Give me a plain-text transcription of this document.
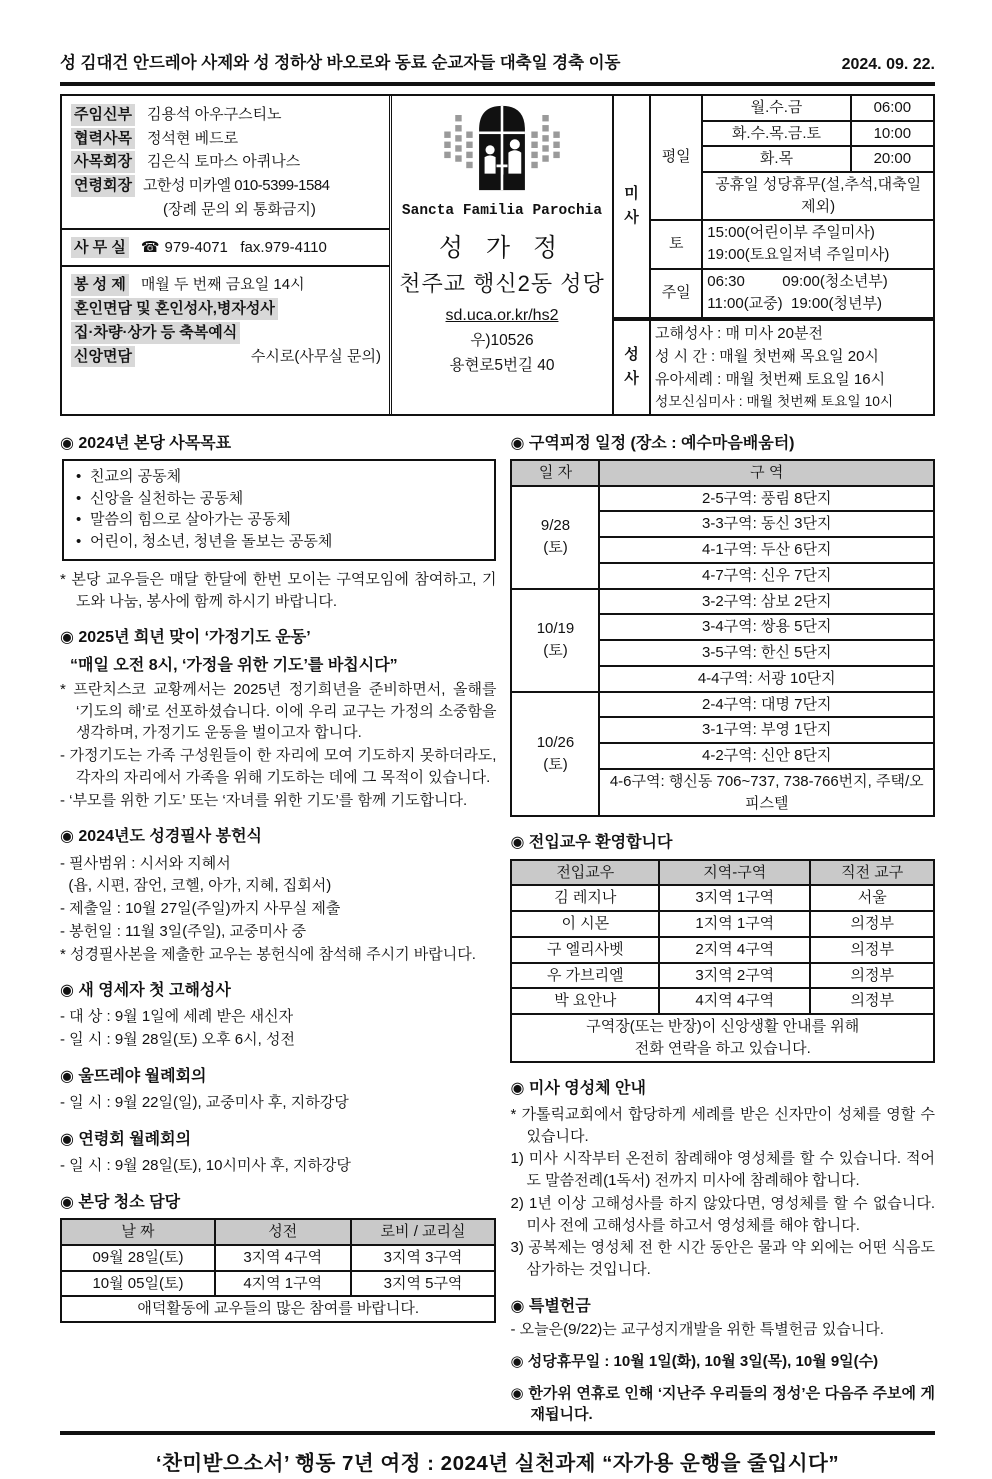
성 김대건 안드레아 사제와 성 정하상 바오로와 동료 순교자들 대축일 경축 이동	2024. 09. 22.
주임신부	김용석 아우구스티노
협력사목	정석현 베드로
사목회장	김은식 토마스 아퀴나스
연령회장 고한성 미카엘 010-5399-1584
(장례 문의 외 통화금지)
사 무 실	☎ 979-4071   fax.979-4110
봉 성 제	매월 두 번째 금요일 14시
혼인면담 및 혼인성사,병자성사
집·차량·상가 등 축복예식
신앙면담	수시로(사무실 문의)
Sancta Familia Parochia
성 가 정
천주교 행신2동 성당
sd.uca.or.kr/hs2
우)10526
용현로5번길 40
미
사	평일	월.수.금	06:00
		화.수.목.금.토	10:00
		화.목	20:00
		공휴일 성당휴무(설,추석,대축일 제외)	
	토	15:00(어린이부 주일미사)
19:00(토요일저녁 주일미사)	

	주일	06:30         09:00(청소년부)
11:00(교중)  19:00(청년부)	
성
사

고해성사 : 매 미사 20분전
성 시 간 : 매월 첫번째 목요일 20시
유아세례 : 매월 첫번째 토요일 16시
성모신심미사 : 매월 첫번째 토요일 10시
◉ 2024년 본당 사목목표
• 친교의 공동체
• 신앙을 실천하는 공동체
• 말씀의 힘으로 살아가는 공동체
• 어린이, 청소년, 청년을 돌보는 공동체
* 본당 교우들은 매달 한달에 한번 모이는 구역모임에 참여하고, 기도와 나눔, 봉사에 함께 하시기 바랍니다.
◉ 2025년 희년 맞이 ‘가정기도 운동’
“매일 오전 8시, ‘가정을 위한 기도’를 바칩시다”
* 프란치스코 교황께서는 2025년 정기희년을 준비하면서, 올해를 ‘기도의 해’로 선포하셨습니다. 이에 우리 교구는 가정의 소중함을 생각하며, 가정기도 운동을 벌이고자 합니다.
- 가정기도는 가족 구성원들이 한 자리에 모여 기도하지 못하더라도, 각자의 자리에서 가족을 위해 기도하는 데에 그 목적이 있습니다.
- ‘부모를 위한 기도’ 또는 ‘자녀를 위한 기도’를 함께 기도합니다.
◉ 2024년도 성경필사 봉헌식
- 필사범위 : 시서와 지혜서
(욥, 시편, 잠언, 코헬, 아가, 지혜, 집회서)
- 제출일 : 10월 27일(주일)까지 사무실 제출
- 봉헌일 : 11월 3일(주일), 교중미사 중
* 성경필사본을 제출한 교우는 봉헌식에 참석해 주시기 바랍니다.
◉ 새 영세자 첫 고해성사
- 대 상 : 9월 1일에 세례 받은 새신자
- 일 시 : 9월 28일(토) 오후 6시, 성전
◉ 울뜨레야 월례회의
- 일 시 : 9월 22일(일), 교중미사 후, 지하강당
◉ 연령회 월례회의
- 일 시 : 9월 28일(토), 10시미사 후, 지하강당
◉ 본당 청소 담당
날 짜	성전	로비 / 교리실
09월 28일(토)	3지역 4구역	3지역 3구역
10월 05일(토)	4지역 1구역	3지역 5구역
애덕활동에 교우들의 많은 참여를 바랍니다.		
◉ 구역피정 일정 (장소 : 예수마음배움터)
일 자	구 역

9/28
(토)	2-5구역: 풍림 8단지
	3-3구역: 동신 3단지
	4-1구역: 두산 6단지
	4-7구역: 신우 7단지

10/19
(토)	3-2구역: 삼보 2단지
	3-4구역: 쌍용 5단지
	3-5구역: 한신 5단지
	4-4구역: 서광 10단지

10/26
(토)	2-4구역: 대명 7단지
	3-1구역: 부영 1단지
	4-2구역: 신안 8단지
	4-6구역: 행신동 706~737, 738-766번지, 주택/오피스텔
◉ 전입교우 환영합니다
전입교우	지역-구역	직전 교구
김 레지나	3지역 1구역	서울
이 시몬	1지역 1구역	의정부
구 엘리사벳	2지역 4구역	의정부
우 가브리엘	3지역 2구역	의정부
박 요안나	4지역 4구역	의정부

구역장(또는 반장)이 신앙생활 안내를 위해
전화 연락을 하고 있습니다.		
◉ 미사 영성체 안내
* 가톨릭교회에서 합당하게 세례를 받은 신자만이 성체를 영할 수 있습니다.
1) 미사 시작부터 온전히 참례해야 영성체를 할 수 있습니다. 적어도 말씀전례(1독서) 전까지 미사에 참례해야 합니다.
2) 1년 이상 고해성사를 하지 않았다면, 영성체를 할 수 없습니다. 미사 전에 고해성사를 하고서 영성체를 해야 합니다.
3) 공복제는 영성체 전 한 시간 동안은 물과 약 외에는 어떤 식음도 삼가하는 것입니다.
◉ 특별헌금
- 오늘은(9/22)는 교구성지개발을 위한 특별헌금 있습니다.
◉ 성당휴무일 : 10월 1일(화), 10월 3일(목), 10월 9일(수)
◉ 한가위 연휴로 인해 ‘지난주 우리들의 정성’은 다음주 주보에 게재됩니다.
‘찬미받으소서’ 행동 7년 여정 : 2024년 실천과제 “자가용 운행을 줄입시다”
